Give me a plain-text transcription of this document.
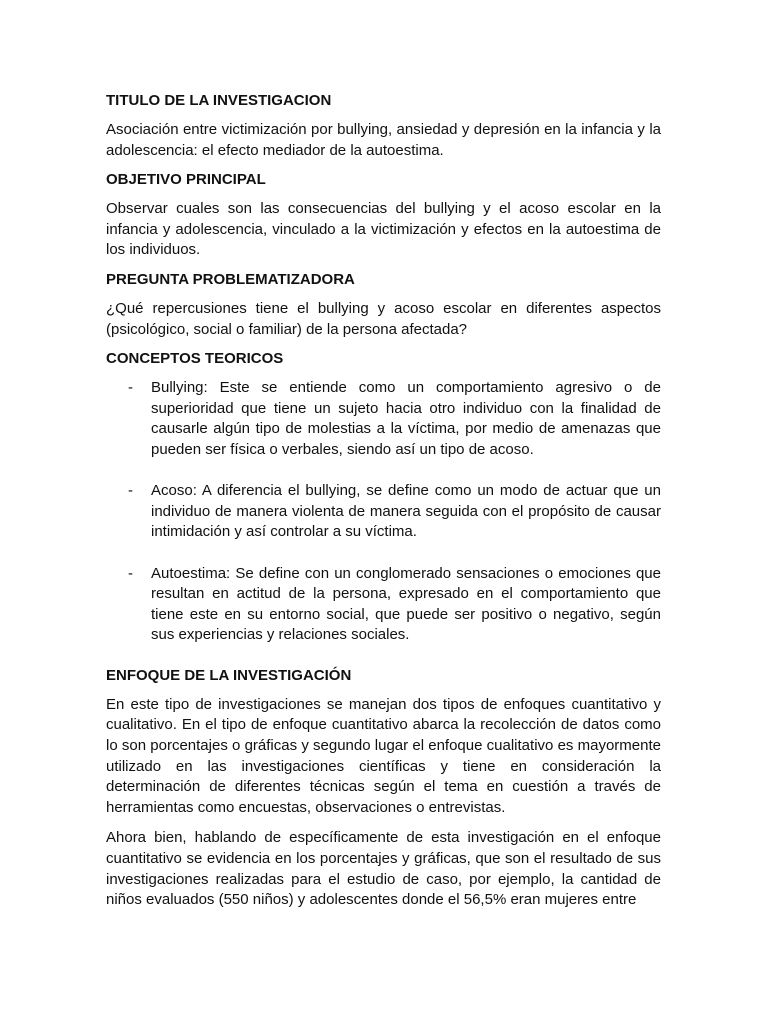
TITULO DE LA INVESTIGACION

Asociación entre victimización por bullying, ansiedad y depresión en la infancia y la adolescencia: el efecto mediador de la autoestima.

OBJETIVO PRINCIPAL

Observar cuales son las consecuencias del bullying y el acoso escolar en la infancia y adolescencia, vinculado a la victimización y efectos en la autoestima de los individuos.

PREGUNTA PROBLEMATIZADORA

¿Qué repercusiones tiene el bullying y acoso escolar en diferentes aspectos (psicológico, social o familiar) de la persona afectada?

CONCEPTOS TEORICOS
- Bullying: Este se entiende como un comportamiento agresivo o de superioridad que tiene un sujeto hacia otro individuo con la finalidad de causarle algún tipo de molestias a la víctima, por medio de amenazas que pueden ser física o verbales, siendo así un tipo de acoso.
- Acoso: A diferencia el bullying, se define como un modo de actuar que un individuo de manera violenta de manera seguida con el propósito de causar intimidación y así controlar a su víctima.
- Autoestima: Se define con un conglomerado sensaciones o emociones que resultan en actitud de la persona, expresado en el comportamiento que tiene este en su entorno social, que puede ser positivo o negativo, según sus experiencias y relaciones sociales.
ENFOQUE DE LA INVESTIGACIÓN

En este tipo de investigaciones se manejan dos tipos de enfoques cuantitativo y cualitativo. En el tipo de enfoque cuantitativo abarca la recolección de datos como lo son porcentajes o gráficas y segundo lugar el enfoque cualitativo es mayormente utilizado en las investigaciones científicas y tiene en consideración la determinación de diferentes técnicas según el tema en cuestión a través de herramientas como encuestas, observaciones o entrevistas.

Ahora bien, hablando de específicamente de esta investigación en el enfoque cuantitativo se evidencia en los porcentajes y gráficas, que son el resultado de sus investigaciones realizadas para el estudio de caso, por ejemplo, la cantidad de niños evaluados (550 niños) y adolescentes donde el 56,5% eran mujeres entre
